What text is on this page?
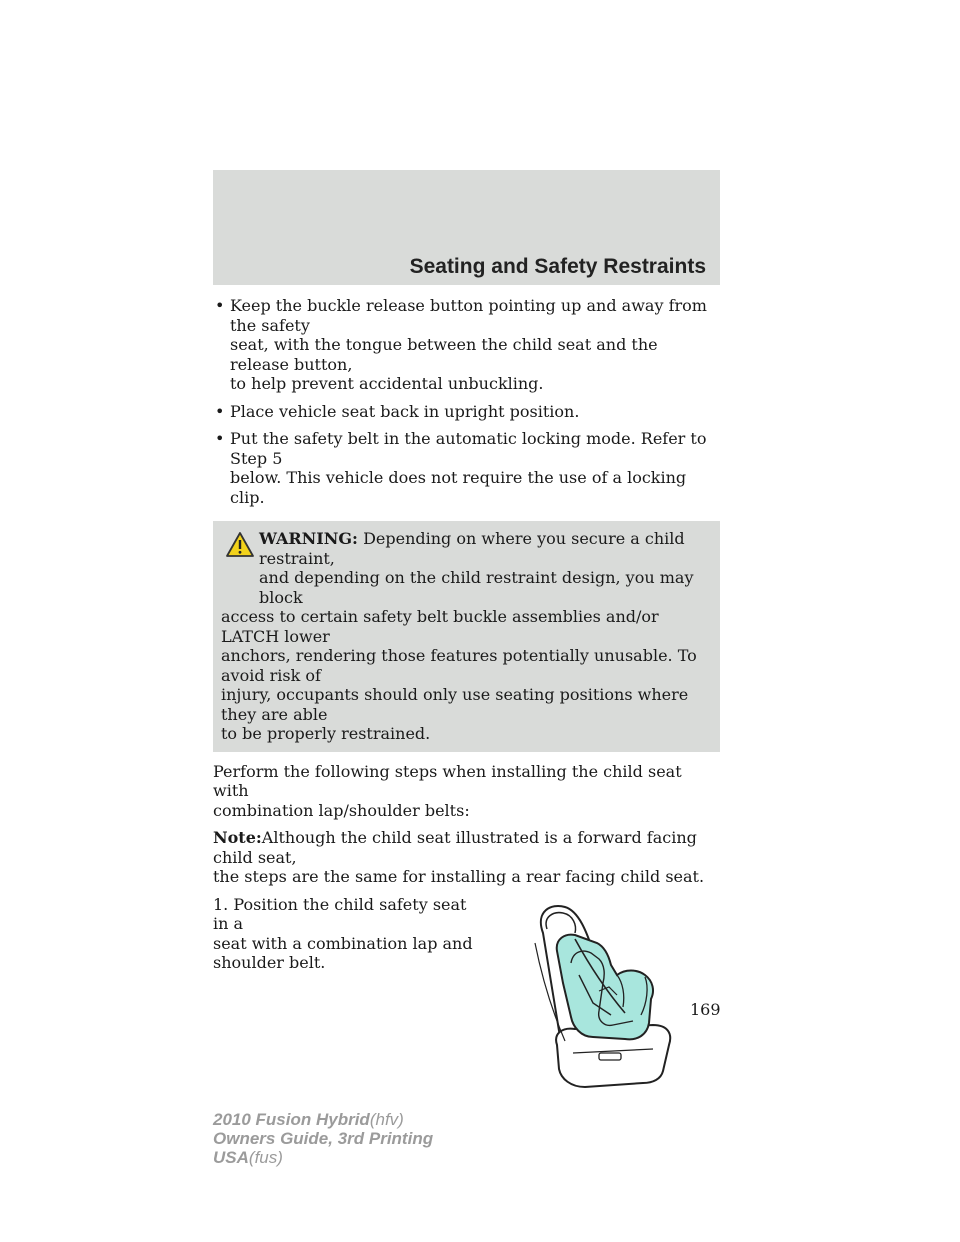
Seating and Safety Restraints
• Keep the buckle release button pointing up and away from the safety
seat, with the tongue between the child seat and the release button,
to help prevent accidental unbuckling.
• Place vehicle seat back in upright position.
• Put the safety belt in the automatic locking mode. Refer to Step 5
below. This vehicle does not require the use of a locking clip.
WARNING: Depending on where you secure a child restraint,
and depending on the child restraint design, you may block
access to certain safety belt buckle assemblies and/or LATCH lower
anchors, rendering those features potentially unusable. To avoid risk of
injury, occupants should only use seating positions where they are able
to be properly restrained.

Perform the following steps when installing the child seat with
combination lap/shoulder belts:

Note:Although the child seat illustrated is a forward facing child seat,
the steps are the same for installing a rear facing child seat.

1. Position the child safety seat in a
seat with a combination lap and
shoulder belt.
169
2010 Fusion Hybrid(hfv)
Owners Guide, 3rd Printing
USA(fus)
